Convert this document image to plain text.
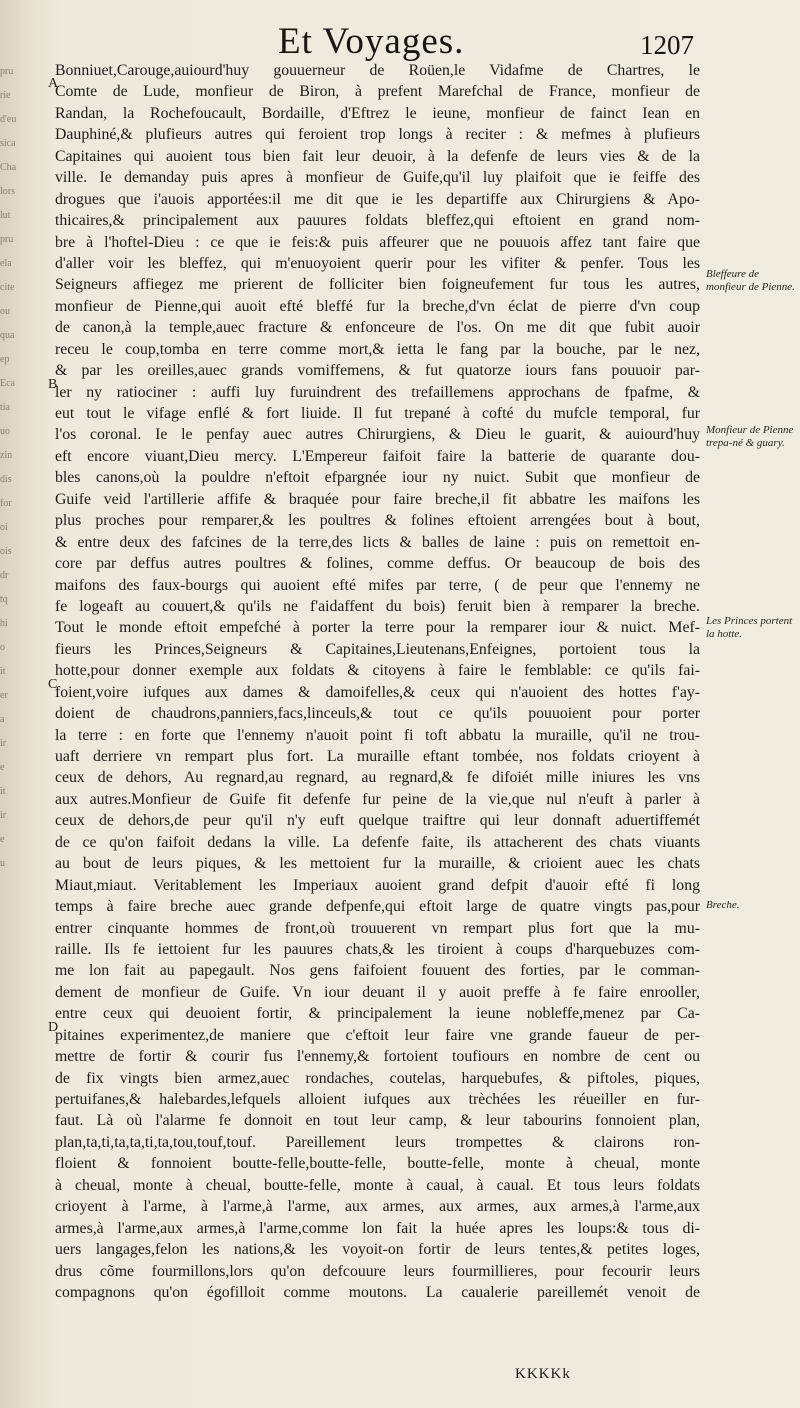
pru
rie
d'eu
sica
Cha
lors
lut
pru
ela
cite
ou
qua
ep
Eca
tia
uo
zin
dis
for
oi
ois
dr
tq
hi
o
it
er
a
ir
e
it
ir
e
u
Et Voyages.	1207
A
B
C
D
Bonniuet,Carouge,auiourd'huy gouuerneur de Roüen,le Vidafme de Chartres, le
Comte de Lude, monfieur de Biron, à prefent Marefchal de France, monfieur de
Randan, la Rochefoucault, Bordaille, d'Eftrez le ieune, monfieur de fainct Iean en
Dauphiné,& plufieurs autres qui feroient trop longs à reciter : & mefmes à plufieurs
Capitaines qui auoient tous bien fait leur deuoir, à la defenfe de leurs vies & de la
ville. Ie demanday puis apres à monfieur de Guife,qu'il luy plaifoit que ie feiffe des
drogues que i'auois apportées:il me dit que ie les departiffe aux Chirurgiens & Apo-
thicaires,& principalement aux pauures foldats bleffez,qui eftoient en grand nom-
bre à l'hoftel-Dieu : ce que ie feis:& puis affeurer que ne pouuois affez tant faire que
d'aller voir les bleffez, qui m'enuoyoient querir pour les vifiter & penfer. Tous les
Seigneurs affiegez me prierent de folliciter bien foigneufement fur tous les autres,
monfieur de Pienne,qui auoit efté bleffé fur la breche,d'vn éclat de pierre d'vn coup
de canon,à la temple,auec fracture & enfonceure de l'os. On me dit que fubit auoir
receu le coup,tomba en terre comme mort,& ietta le fang par la bouche, par le nez,
& par les oreilles,auec grands vomiffemens, & fut quatorze iours fans pouuoir par-
ler ny ratiociner : auffi luy furuindrent des trefaillemens approchans de fpafme, &
eut tout le vifage enflé & fort liuide. Il fut trepané à cofté du mufcle temporal, fur
l'os coronal. Ie le penfay auec autres Chirurgiens, & Dieu le guarit, & auiourd'huy
eft encore viuant,Dieu mercy. L'Empereur faifoit faire la batterie de quarante dou-
bles canons,où la pouldre n'eftoit efpargnée iour ny nuict. Subit que monfieur de
Guife veid l'artillerie affife & braquée pour faire breche,il fit abbatre les maifons les
plus proches pour remparer,& les poultres & folines eftoient arrengées bout à bout,
& entre deux des fafcines de la terre,des licts & balles de laine : puis on remettoit en-
core par deffus autres poultres & folines, comme deffus. Or beaucoup de bois des
maifons des faux-bourgs qui auoient efté mifes par terre, ( de peur que l'ennemy ne
fe logeaft au couuert,& qu'ils ne f'aidaffent du bois) feruit bien à remparer la breche.
Tout le monde eftoit empefché à porter la terre pour la remparer iour & nuict. Mef-
fieurs les Princes,Seigneurs & Capitaines,Lieutenans,Enfeignes, portoient tous la
hotte,pour donner exemple aux foldats & citoyens à faire le femblable: ce qu'ils fai-
foient,voire iufques aux dames & damoifelles,& ceux qui n'auoient des hottes f'ay-
doient de chaudrons,panniers,facs,linceuls,& tout ce qu'ils pouuoient pour porter
la terre : en forte que l'ennemy n'auoit point fi toft abbatu la muraille, qu'il ne trou-
uaft derriere vn rempart plus fort. La muraille eftant tombée, nos foldats crioyent à
ceux de dehors, Au regnard,au regnard, au regnard,& fe difoiét mille iniures les vns
aux autres.Monfieur de Guife fit defenfe fur peine de la vie,que nul n'euft à parler à
ceux de dehors,de peur qu'il n'y euft quelque traiftre qui leur donnaft aduertiffemét
de ce qu'on faifoit dedans la ville. La defenfe faite, ils attacherent des chats viuants
au bout de leurs piques, & les mettoient fur la muraille, & crioient auec les chats
Miaut,miaut. Veritablement les Imperiaux auoient grand defpit d'auoir efté fi long
temps à faire breche auec grande defpenfe,qui eftoit large de quatre vingts pas,pour
entrer cinquante hommes de front,où trouuerent vn rempart plus fort que la mu-
raille. Ils fe iettoient fur les pauures chats,& les tiroient à coups d'harquebuzes com-
me lon fait au papegault. Nos gens faifoient fouuent des forties, par le comman-
dement de monfieur de Guife. Vn iour deuant il y auoit preffe à fe faire enrooller,
entre ceux qui deuoient fortir, & principalement la ieune nobleffe,menez par Ca-
pitaines experimentez,de maniere que c'eftoit leur faire vne grande faueur de per-
mettre de fortir & courir fus l'ennemy,& fortoient toufiours en nombre de cent ou
de fix vingts bien armez,auec rondaches, coutelas, harquebufes, & piftoles, piques,
pertuifanes,& halebardes,lefquels alloient iufques aux trèchées les réueiller en fur-
faut. Là où l'alarme fe donnoit en tout leur camp, & leur tabourins fonnoient plan,
plan,ta,ti,ta,ta,ti,ta,tou,touf,touf. Pareillement leurs trompettes & clairons ron-
floient & fonnoient boutte-felle,boutte-felle, boutte-felle, monte à cheual, monte
à cheual, monte à cheual, boutte-felle, monte à caual, à caual. Et tous leurs foldats
crioyent à l'arme, à l'arme,à l'arme, aux armes, aux armes, aux armes,à l'arme,aux
armes,à l'arme,aux armes,à l'arme,comme lon fait la huée apres les loups:& tous di-
uers langages,felon les nations,& les voyoit-on fortir de leurs tentes,& petites loges,
drus cõme fourmillons,lors qu'on defcouure leurs fourmillieres, pour fecourir leurs
compagnons qu'on égofilloit comme moutons. La caualerie pareillemét venoit de
Bleffeure de monfieur de Pienne.
Monfieur de Pienne trepa-né & guary.
Les Princes portent la hotte.
Breche.
KKKKk
